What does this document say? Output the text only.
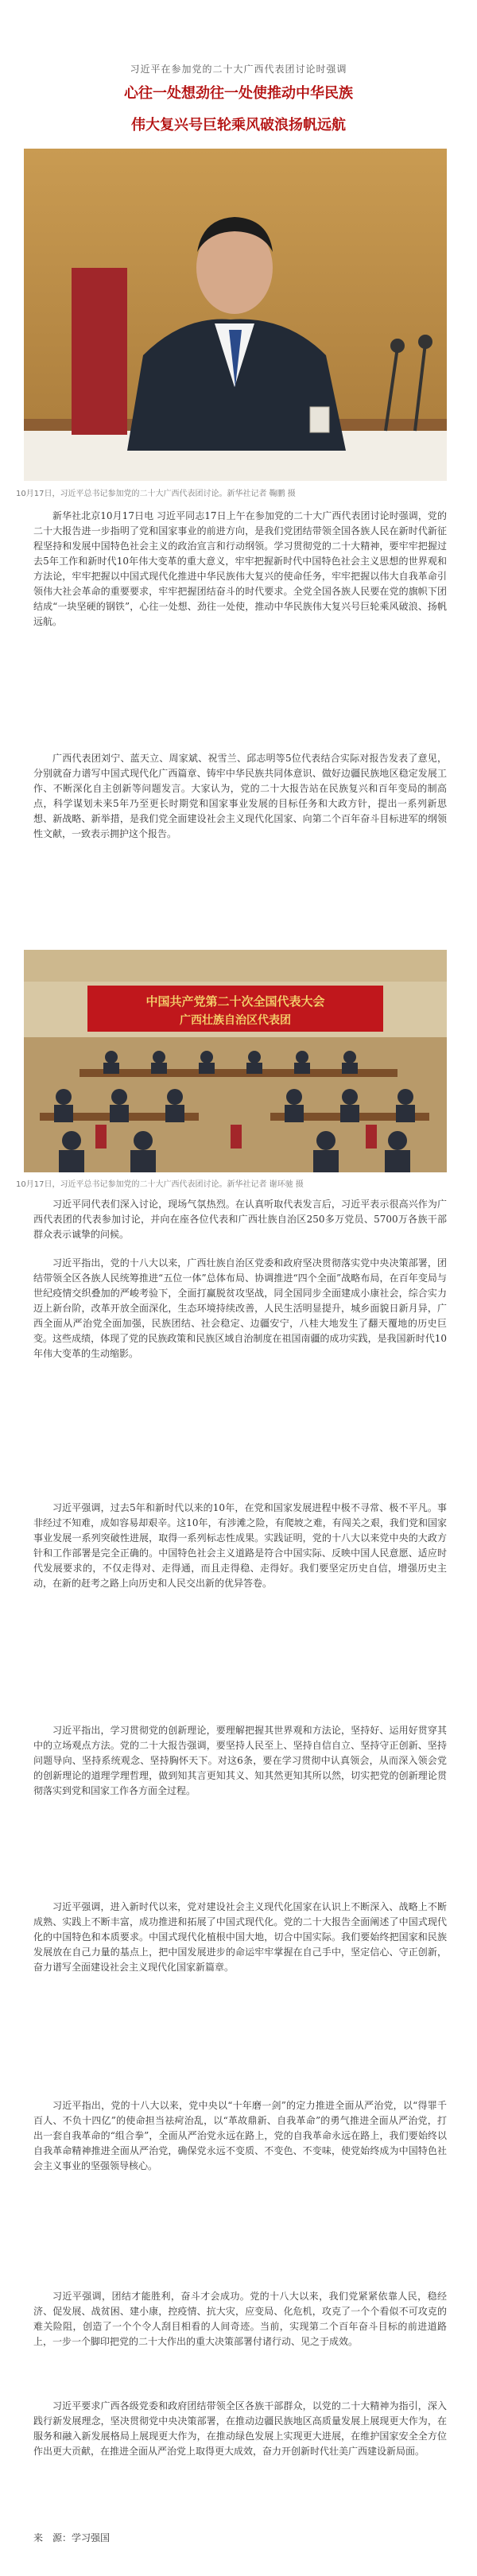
习近平在参加党的二十大广西代表团讨论时强调
心往一处想劲往一处使推动中华民族
伟大复兴号巨轮乘风破浪扬帆远航
10月17日，习近平总书记参加党的二十大广西代表团讨论。新华社记者 鞠鹏 摄

新华社北京10月17日电 习近平同志17日上午在参加党的二十大广西代表团讨论时强调，党的二十大报告进一步指明了党和国家事业的前进方向，是我们党团结带领全国各族人民在新时代新征程坚持和发展中国特色社会主义的政治宣言和行动纲领。学习贯彻党的二十大精神，要牢牢把握过去5年工作和新时代10年伟大变革的重大意义，牢牢把握新时代中国特色社会主义思想的世界观和方法论，牢牢把握以中国式现代化推进中华民族伟大复兴的使命任务，牢牢把握以伟大自我革命引领伟大社会革命的重要要求，牢牢把握团结奋斗的时代要求。全党全国各族人民要在党的旗帜下团结成“一块坚硬的钢铁”，心往一处想、劲往一处使，推动中华民族伟大复兴号巨轮乘风破浪、扬帆远航。

广西代表团刘宁、蓝天立、周家斌、祝雪兰、邱志明等5位代表结合实际对报告发表了意见，分别就奋力谱写中国式现代化广西篇章、铸牢中华民族共同体意识、做好边疆民族地区稳定发展工作、不断深化自主创新等问题发言。大家认为，党的二十大报告站在民族复兴和百年变局的制高点，科学谋划未来5年乃至更长时期党和国家事业发展的目标任务和大政方针，提出一系列新思想、新战略、新举措，是我们党全面建设社会主义现代化国家、向第二个百年奋斗目标进军的纲领性文献，一致表示拥护这个报告。

中国共产党第二十次全国代表大会
广西壮族自治区代表团
10月17日，习近平总书记参加党的二十大广西代表团讨论。新华社记者 谢环驰 摄

习近平同代表们深入讨论，现场气氛热烈。在认真听取代表发言后，习近平表示很高兴作为广西代表团的代表参加讨论，并向在座各位代表和广西壮族自治区250多万党员、5700万各族干部群众表示诚挚的问候。

习近平指出，党的十八大以来，广西壮族自治区党委和政府坚决贯彻落实党中央决策部署，团结带领全区各族人民统筹推进“五位一体”总体布局、协调推进“四个全面”战略布局，在百年变局与世纪疫情交织叠加的严峻考验下，全面打赢脱贫攻坚战，同全国同步全面建成小康社会，综合实力迈上新台阶，改革开放全面深化，生态环境持续改善，人民生活明显提升，城乡面貌日新月异，广西全面从严治党全面加强，民族团结、社会稳定、边疆安宁，八桂大地发生了翻天覆地的历史巨变。这些成绩，体现了党的民族政策和民族区域自治制度在祖国南疆的成功实践，是我国新时代10年伟大变革的生动缩影。

习近平强调，过去5年和新时代以来的10年，在党和国家发展进程中极不寻常、极不平凡。事非经过不知难，成如容易却艰辛。这10年，有涉滩之险，有爬坡之难，有闯关之艰，我们党和国家事业发展一系列突破性进展，取得一系列标志性成果。实践证明，党的十八大以来党中央的大政方针和工作部署是完全正确的。中国特色社会主义道路是符合中国实际、反映中国人民意愿、适应时代发展要求的，不仅走得对、走得通，而且走得稳、走得好。我们要坚定历史自信，增强历史主动，在新的赶考之路上向历史和人民交出新的优异答卷。

习近平指出，学习贯彻党的创新理论，要理解把握其世界观和方法论，坚持好、运用好贯穿其中的立场观点方法。党的二十大报告强调，要坚持人民至上、坚持自信自立、坚持守正创新、坚持问题导向、坚持系统观念、坚持胸怀天下。对这6条，要在学习贯彻中认真领会，从而深入领会党的创新理论的道理学理哲理，做到知其言更知其义、知其然更知其所以然，切实把党的创新理论贯彻落实到党和国家工作各方面全过程。

习近平强调，进入新时代以来，党对建设社会主义现代化国家在认识上不断深入、战略上不断成熟、实践上不断丰富，成功推进和拓展了中国式现代化。党的二十大报告全面阐述了中国式现代化的中国特色和本质要求。中国式现代化植根中国大地，切合中国实际。我们要始终把国家和民族发展放在自己力量的基点上，把中国发展进步的命运牢牢掌握在自己手中，坚定信心、守正创新，奋力谱写全面建设社会主义现代化国家新篇章。

习近平指出，党的十八大以来，党中央以“十年磨一剑”的定力推进全面从严治党，以“得罪千百人、不负十四亿”的使命担当祛疴治乱，以“革故鼎新、自我革命”的勇气推进全面从严治党，打出一套自我革命的“组合拳”，全面从严治党永远在路上，党的自我革命永远在路上，我们要始终以自我革命精神推进全面从严治党，确保党永远不变质、不变色、不变味，使党始终成为中国特色社会主义事业的坚强领导核心。

习近平强调，团结才能胜利，奋斗才会成功。党的十八大以来，我们党紧紧依靠人民，稳经济、促发展、战贫困、建小康，控疫情、抗大灾，应变局、化危机，攻克了一个个看似不可攻克的难关险阻，创造了一个个令人刮目相看的人间奇迹。当前，实现第二个百年奋斗目标的前进道路上，一步一个脚印把党的二十大作出的重大决策部署付诸行动、见之于成效。

习近平要求广西各级党委和政府团结带领全区各族干部群众，以党的二十大精神为指引，深入践行新发展理念，坚决贯彻党中央决策部署，在推动边疆民族地区高质量发展上展现更大作为，在服务和融入新发展格局上展现更大作为，在推动绿色发展上实现更大进展，在维护国家安全全方位作出更大贡献，在推进全面从严治党上取得更大成效，奋力开创新时代壮美广西建设新局面。

来　源：学习强国
